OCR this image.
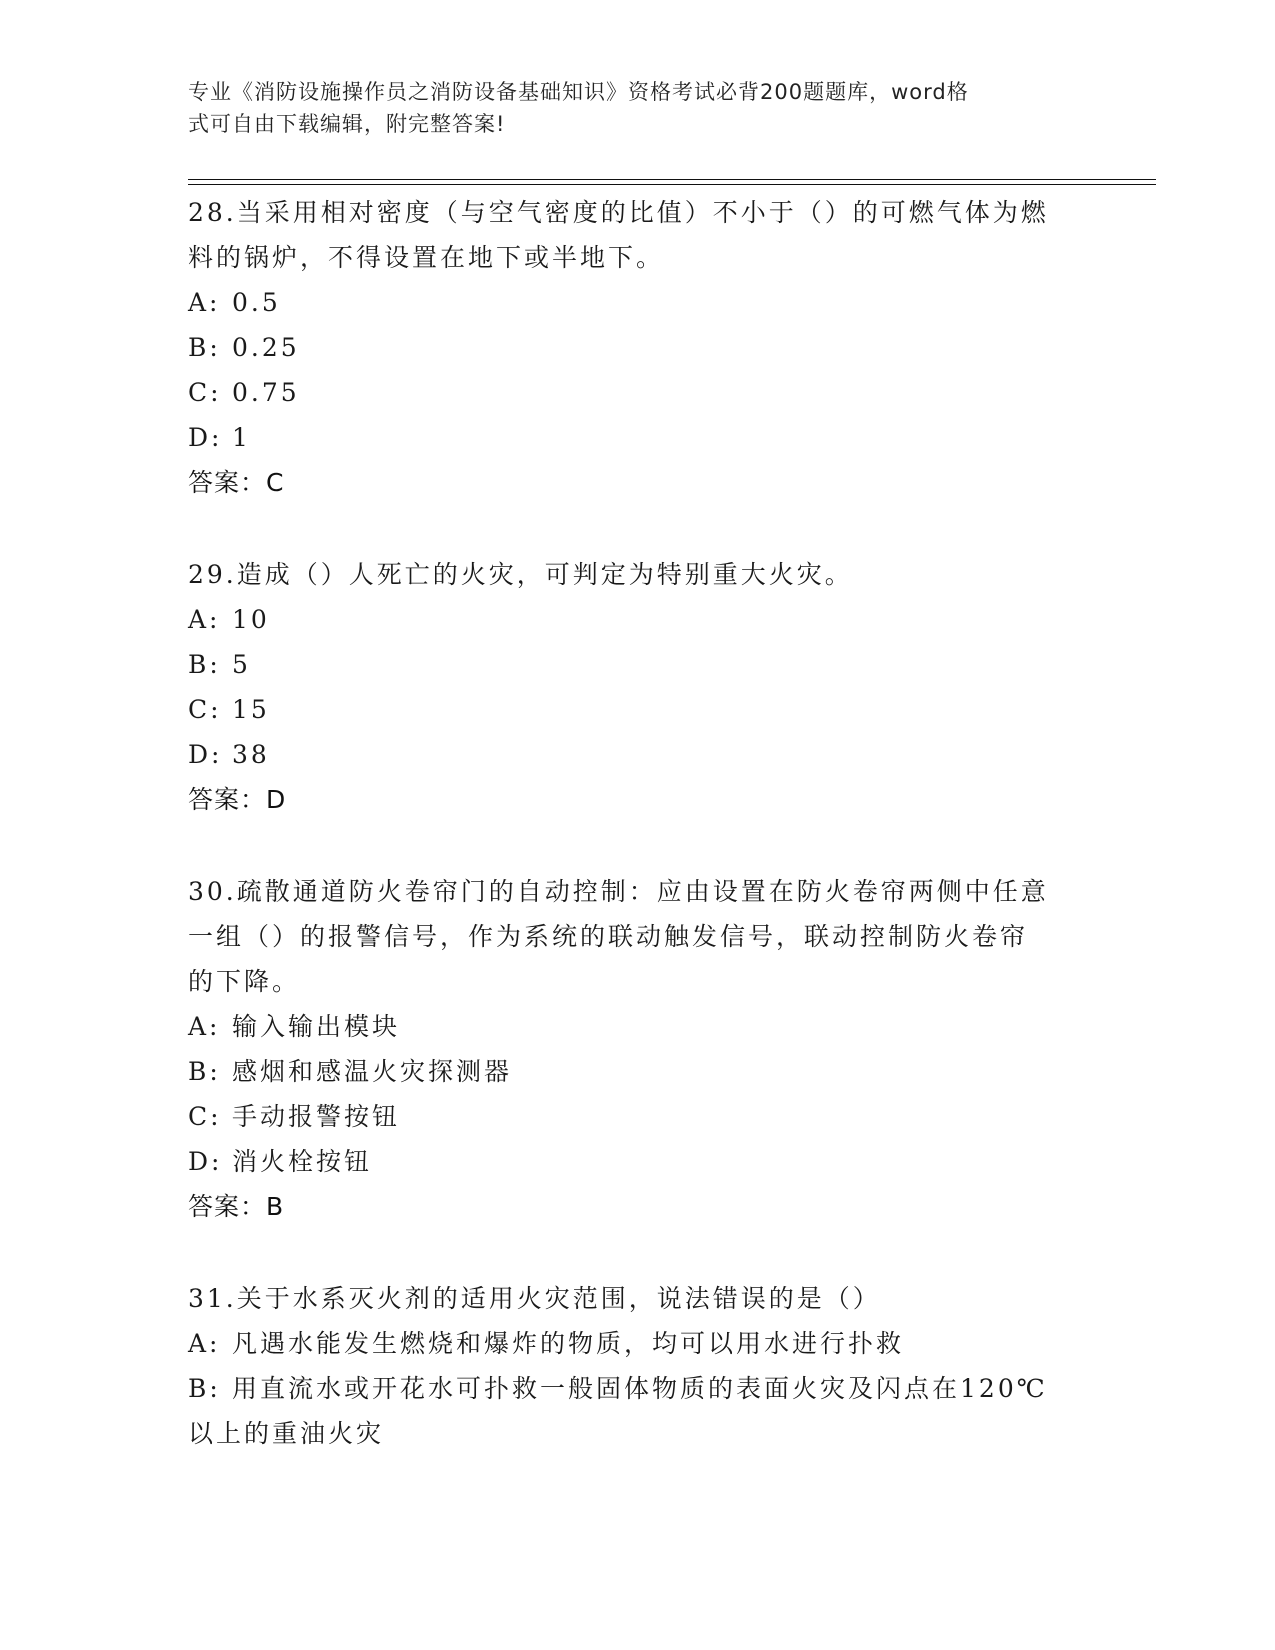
专业《消防设施操作员之消防设备基础知识》资格考试必背200题题库，word格
式可自由下载编辑，附完整答案!

28.当采用相对密度（与空气密度的比值）不小于（）的可燃气体为燃

料的锅炉，不得设置在地下或半地下。

A: 0.5

B: 0.25

C: 0.75

D: 1

答案：C

29.造成（）人死亡的火灾，可判定为特别重大火灾。

A: 10

B: 5

C: 15

D: 38

答案：D

30.疏散通道防火卷帘门的自动控制：应由设置在防火卷帘两侧中任意

一组（）的报警信号，作为系统的联动触发信号，联动控制防火卷帘

的下降。

A: 输入输出模块

B: 感烟和感温火灾探测器

C: 手动报警按钮

D: 消火栓按钮

答案：B

31.关于水系灭火剂的适用火灾范围，说法错误的是（）

A: 凡遇水能发生燃烧和爆炸的物质，均可以用水进行扑救

B: 用直流水或开花水可扑救一般固体物质的表面火灾及闪点在120℃

以上的重油火灾
